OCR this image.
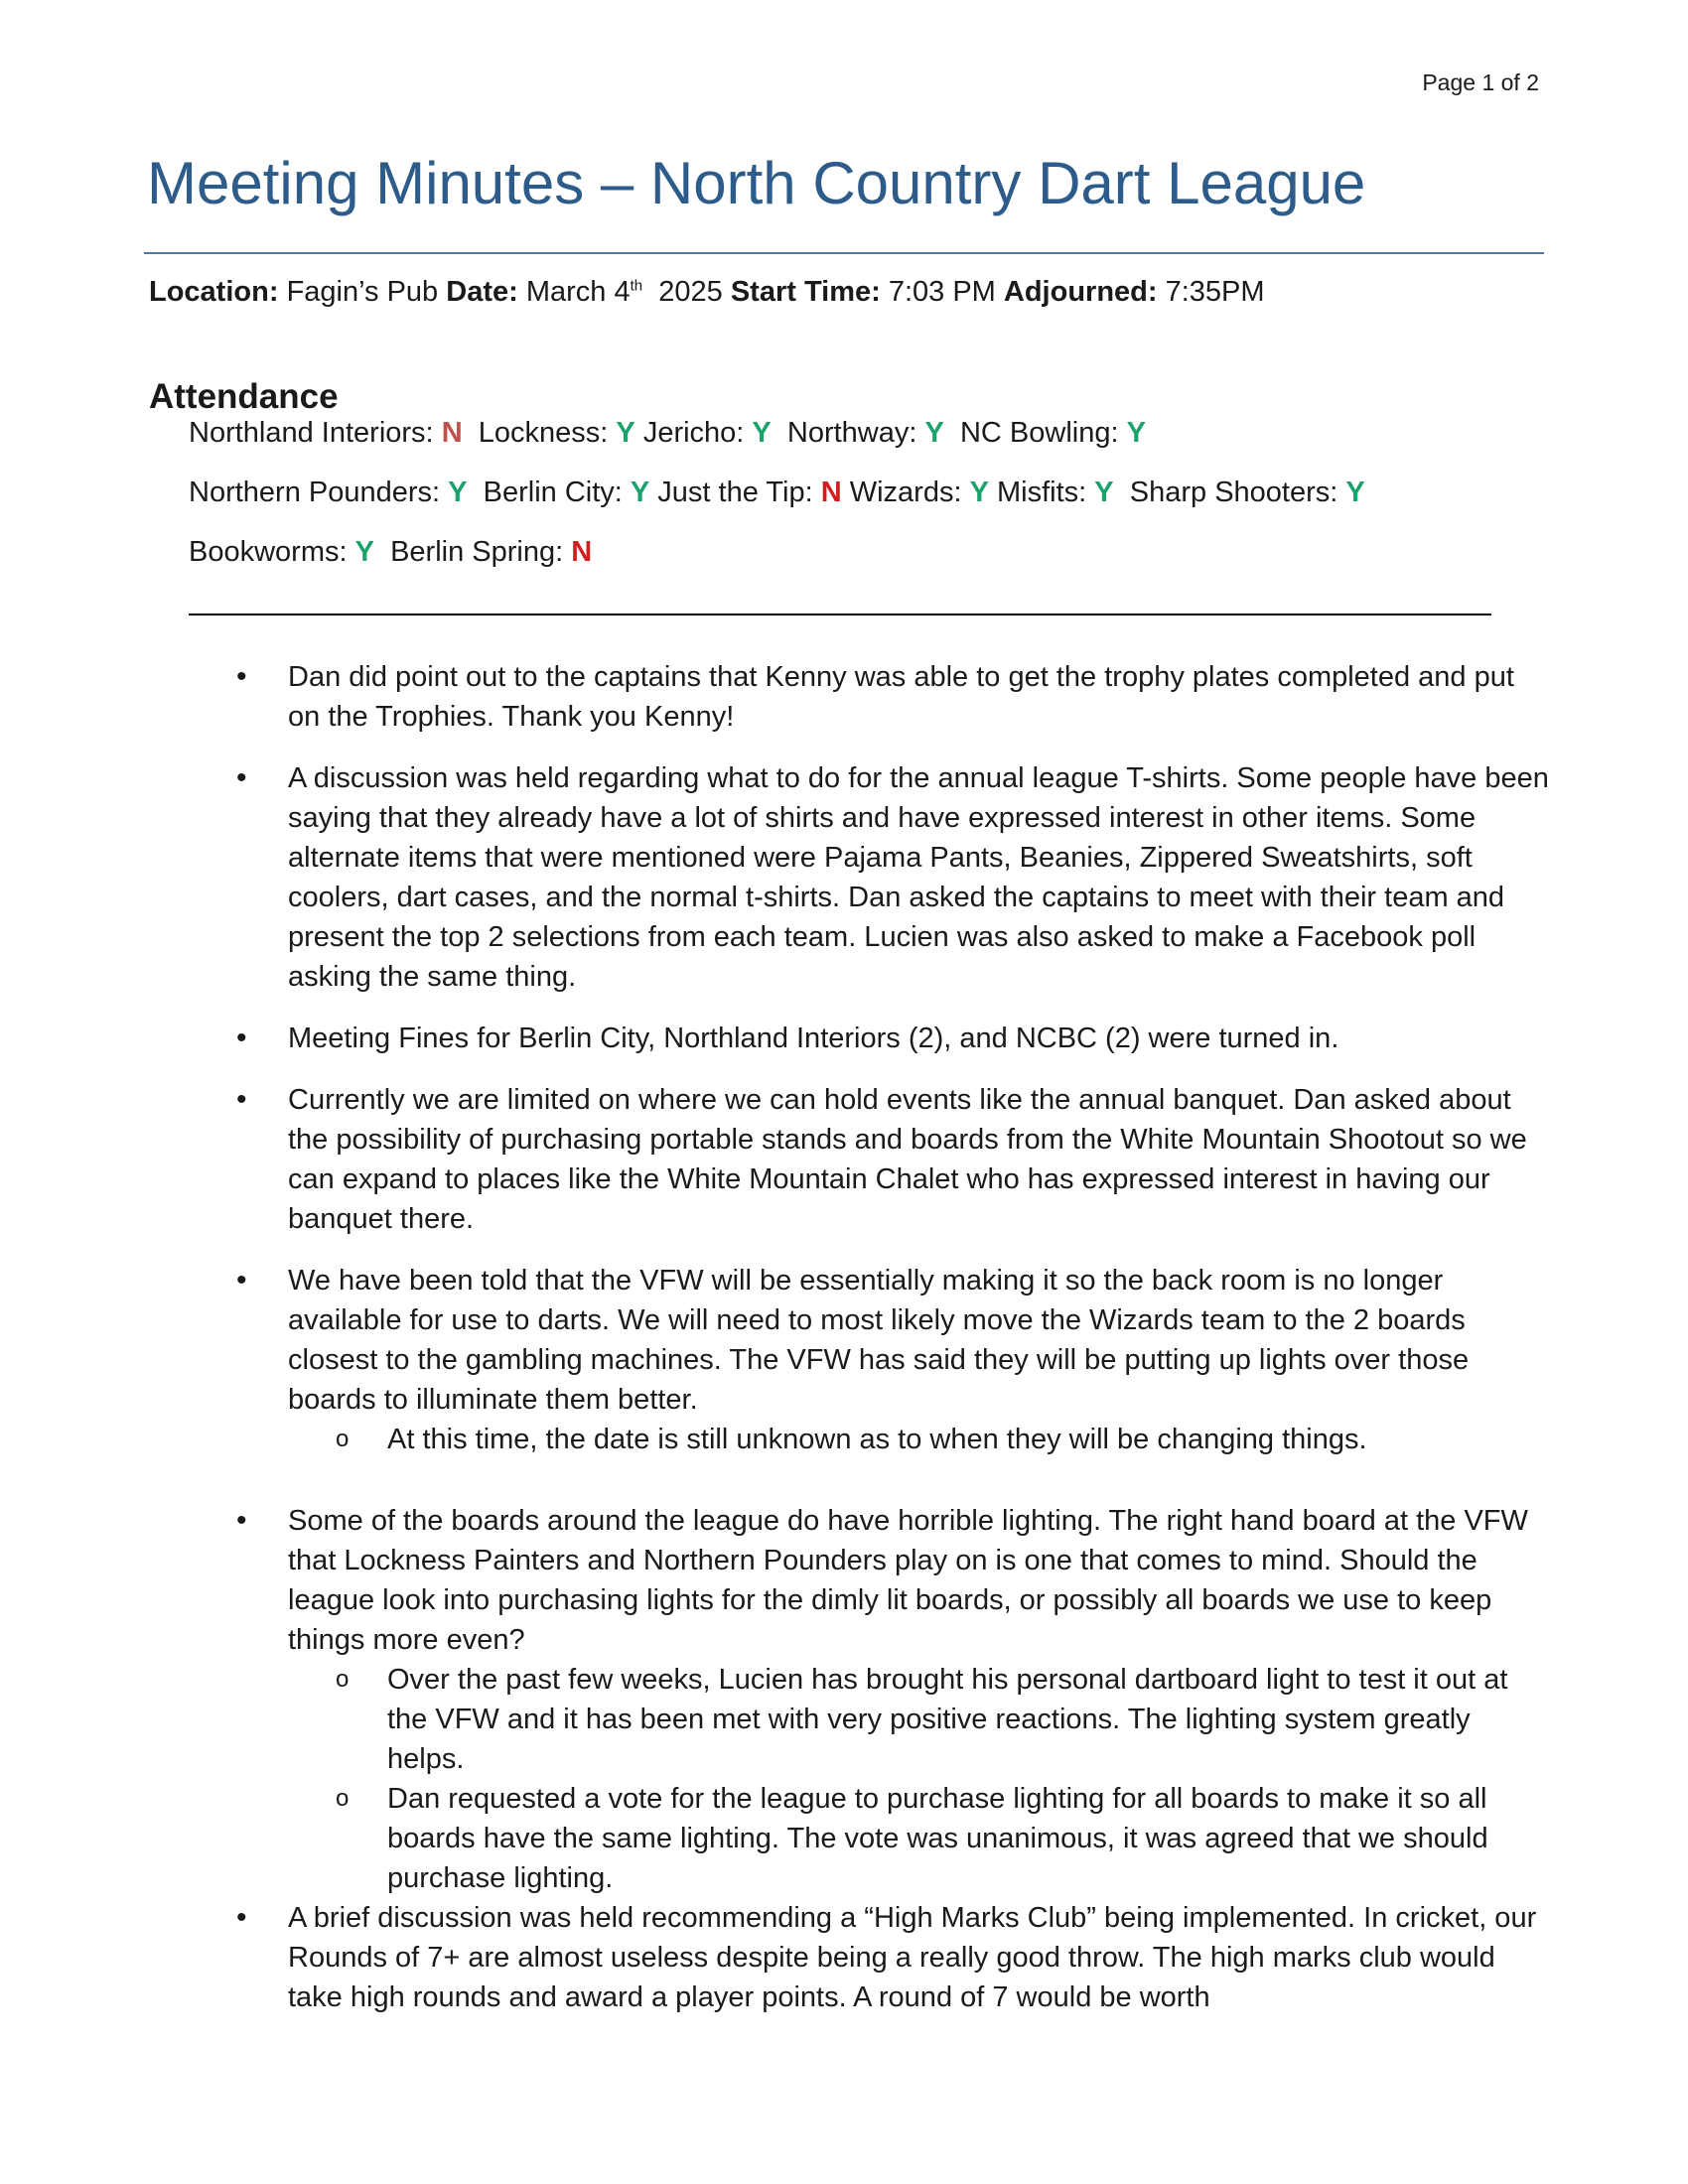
Page 1 of 2
Meeting Minutes – North Country Dart League
Location: Fagin’s Pub Date: March 4th 2025 Start Time: 7:03 PM Adjourned: 7:35PM
Attendance
Northland Interiors: N Lockness: Y Jericho: Y Northway: Y NC Bowling: Y
Northern Pounders: Y Berlin City: Y Just the Tip: N Wizards: Y Misfits: Y Sharp Shooters: Y
Bookworms: Y Berlin Spring: N
• Dan did point out to the captains that Kenny was able to get the trophy plates completed and put on the Trophies. Thank you Kenny!
• A discussion was held regarding what to do for the annual league T-shirts. Some people have been saying that they already have a lot of shirts and have expressed interest in other items. Some alternate items that were mentioned were Pajama Pants, Beanies, Zippered Sweatshirts, soft coolers, dart cases, and the normal t-shirts. Dan asked the captains to meet with their team and present the top 2 selections from each team. Lucien was also asked to make a Facebook poll asking the same thing.
• Meeting Fines for Berlin City, Northland Interiors (2), and NCBC (2) were turned in.
• Currently we are limited on where we can hold events like the annual banquet. Dan asked about the possibility of purchasing portable stands and boards from the White Mountain Shootout so we can expand to places like the White Mountain Chalet who has expressed interest in having our banquet there.
• We have been told that the VFW will be essentially making it so the back room is no longer available for use to darts. We will need to most likely move the Wizards team to the 2 boards closest to the gambling machines. The VFW has said they will be putting up lights over those boards to illuminate them better.
o At this time, the date is still unknown as to when they will be changing things.
• Some of the boards around the league do have horrible lighting. The right hand board at the VFW that Lockness Painters and Northern Pounders play on is one that comes to mind. Should the league look into purchasing lights for the dimly lit boards, or possibly all boards we use to keep things more even?
o Over the past few weeks, Lucien has brought his personal dartboard light to test it out at the VFW and it has been met with very positive reactions. The lighting system greatly helps.
o Dan requested a vote for the league to purchase lighting for all boards to make it so all boards have the same lighting. The vote was unanimous, it was agreed that we should purchase lighting.
• A brief discussion was held recommending a “High Marks Club” being implemented. In cricket, our Rounds of 7+ are almost useless despite being a really good throw. The high marks club would take high rounds and award a player points. A round of 7 would be worth
